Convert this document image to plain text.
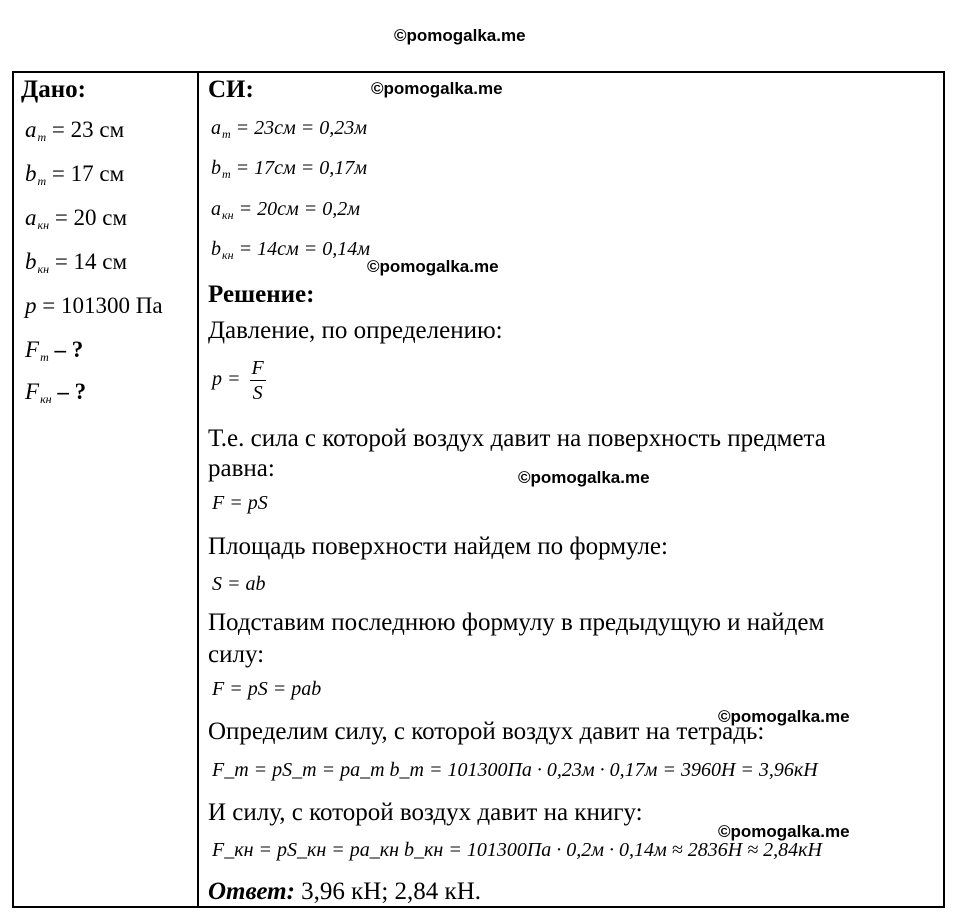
©pomogalka.me
©pomogalka.me
©pomogalka.me
©pomogalka.me
©pomogalka.me
©pomogalka.me
Дано:
$a_т = 23$ см
$b_т = 17$ см
$a_{кн} = 20$ см
$b_{кн} = 14$ см
p = 101300 Па
$F_т$ – ?
$F_{кн}$ – ?
СИ:
$a_т = 23см = 0,23м$
$b_т = 17см = 0,17м$
$a_{кн} = 20см = 0,2м$
$b_{кн} = 14см = 0,14м$
Решение:
Давление, по определению:
$p = \frac{F}{S}$
Т.е. сила с которой воздух давит на поверхность предмета
равна:
F = pS
Площадь поверхности найдем по формуле:
S = ab
Подставим последнюю формулу в предыдущую и найдем
силу:
F = pS = pab
Определим силу, с которой воздух давит на тетрадь:
F_т = pS_т = pa_т b_т = 101300Па · 0,23м · 0,17м = 3960Н = 3,96кН
И силу, с которой воздух давит на книгу:
F_кн = pS_кн = pa_кн b_кн = 101300Па · 0,2м · 0,14м ≈ 2836Н ≈ 2,84кН
Ответ: 3,96 кН; 2,84 кН.
